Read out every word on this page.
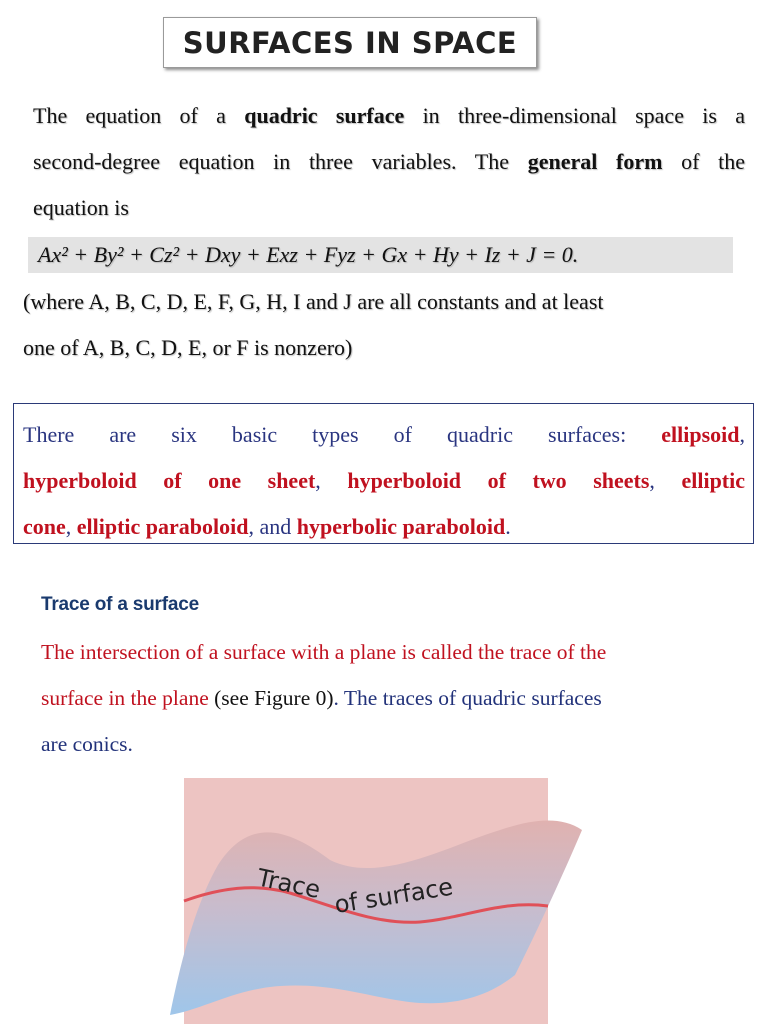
SURFACES IN SPACE
The equation of a quadric surface in three-dimensional space is a
second-degree equation in three variables. The general form of the
equation is
Ax² + By² + Cz² + Dxy + Exz + Fyz + Gx + Hy + Iz + J = 0.
(where A, B, C, D, E, F, G, H, I and J are all constants and at least
one of A, B, C, D, E, or F is nonzero)
There are six basic types of quadric surfaces: ellipsoid,
hyperboloid of one sheet, hyperboloid of two sheets, elliptic
cone, elliptic paraboloid, and hyperbolic paraboloid.
Trace of a surface
The intersection of a surface with a plane is called the trace of the
surface in the plane (see Figure 0). The traces of quadric surfaces
are conics.
Trace of surface
